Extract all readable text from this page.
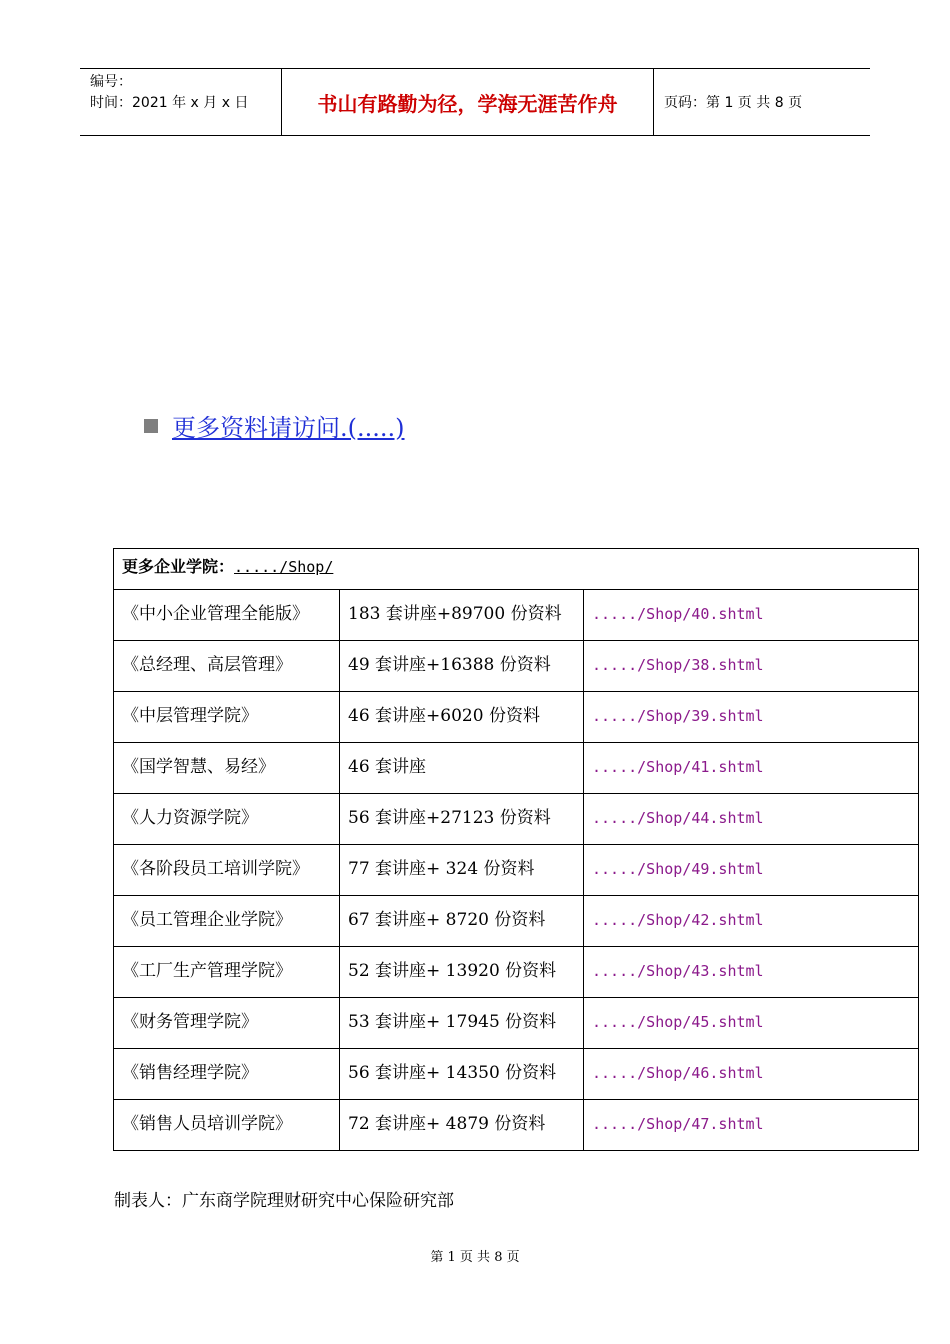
编号：
时间：2021 年 x 月 x 日	书山有路勤为径，学海无涯苦作舟	页码：第 1 页 共 8 页
更多资料请访问.(.....)
更多企业学院：...../Shop/		
《中小企业管理全能版》	183 套讲座+89700 份资料	...../Shop/40.shtml
《总经理、高层管理》	49 套讲座+16388 份资料	...../Shop/38.shtml
《中层管理学院》	46 套讲座+6020 份资料	...../Shop/39.shtml
《国学智慧、易经》	46 套讲座	...../Shop/41.shtml
《人力资源学院》	56 套讲座+27123 份资料	...../Shop/44.shtml
《各阶段员工培训学院》	77 套讲座+ 324 份资料	...../Shop/49.shtml
《员工管理企业学院》	67 套讲座+ 8720 份资料	...../Shop/42.shtml
《工厂生产管理学院》	52 套讲座+ 13920 份资料	...../Shop/43.shtml
《财务管理学院》	53 套讲座+ 17945 份资料	...../Shop/45.shtml
《销售经理学院》	56 套讲座+ 14350 份资料	...../Shop/46.shtml
《销售人员培训学院》	72 套讲座+ 4879 份资料	...../Shop/47.shtml
制表人：广东商学院理财研究中心保险研究部
第 1 页 共 8 页
